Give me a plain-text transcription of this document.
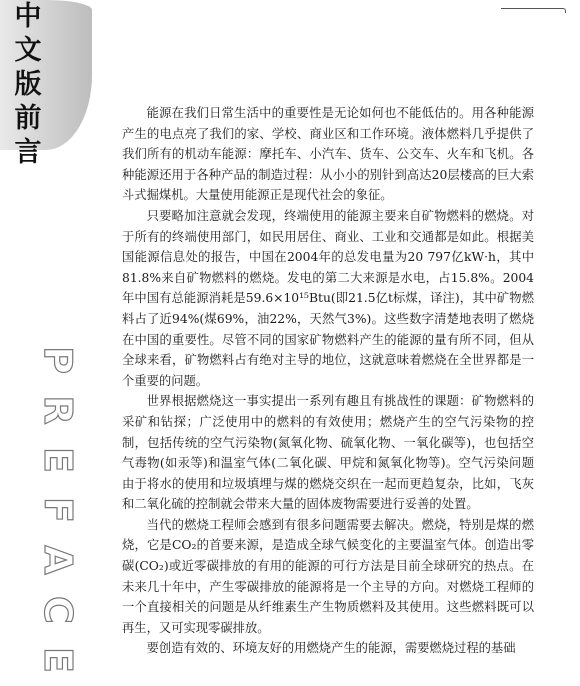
中
文
版
前
言
P
R
E
F
A
C
E

能源在我们日常生活中的重要性是无论如何也不能低估的。用各种能源产生的电点亮了我们的家、学校、商业区和工作环境。液体燃料几乎提供了我们所有的机动车能源：摩托车、小汽车、货车、公交车、火车和飞机。各种能源还用于各种产品的制造过程：从小小的别针到高达20层楼高的巨大索斗式掘煤机。大量使用能源正是现代社会的象征。

只要略加注意就会发现，终端使用的能源主要来自矿物燃料的燃烧。对于所有的终端使用部门，如民用居住、商业、工业和交通都是如此。根据美国能源信息处的报告，中国在2004年的总发电量为20 797亿kW·h，其中81.8%来自矿物燃料的燃烧。发电的第二大来源是水电，占15.8%。2004年中国有总能源消耗是59.6×10¹⁵Btu(即21.5亿t标煤，译注)，其中矿物燃料占了近94%(煤69%，油22%，天然气3%)。这些数字清楚地表明了燃烧在中国的重要性。尽管不同的国家矿物燃料产生的能源的量有所不同，但从全球来看，矿物燃料占有绝对主导的地位，这就意味着燃烧在全世界都是一个重要的问题。

世界根据燃烧这一事实提出一系列有趣且有挑战性的课题：矿物燃料的采矿和钻探；广泛使用中的燃料的有效使用；燃烧产生的空气污染物的控制，包括传统的空气污染物(氮氧化物、硫氧化物、一氧化碳等)，也包括空气毒物(如汞等)和温室气体(二氧化碳、甲烷和氮氧化物等)。空气污染问题由于将水的使用和垃圾填埋与煤的燃烧交织在一起而更趋复杂，比如，飞灰和二氧化硫的控制就会带来大量的固体废物需要进行妥善的处置。

当代的燃烧工程师会感到有很多问题需要去解决。燃烧，特别是煤的燃烧，它是CO₂的首要来源，是造成全球气候变化的主要温室气体。创造出零碳(CO₂)或近零碳排放的有用的能源的可行方法是目前全球研究的热点。在未来几十年中，产生零碳排放的能源将是一个主导的方向。对燃烧工程师的一个直接相关的问题是从纤维素生产生物质燃料及其使用。这些燃料既可以再生，又可实现零碳排放。

要创造有效的、环境友好的用燃烧产生的能源，需要燃烧过程的基础
